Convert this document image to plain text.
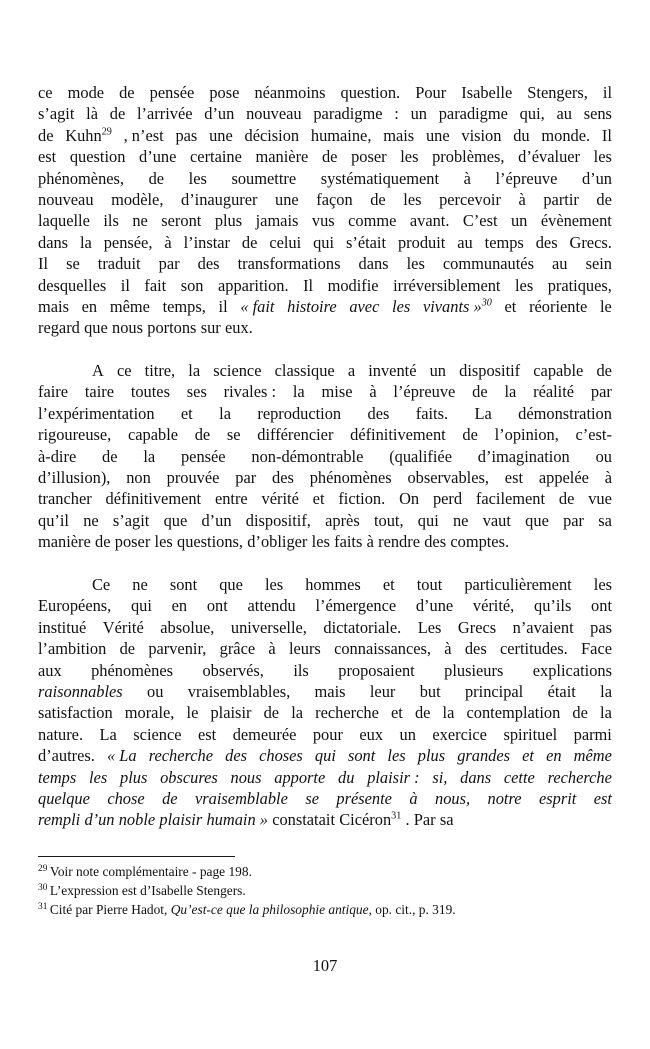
ce mode de pensée pose néanmoins question. Pour Isabelle Stengers, il
s’agit là de l’arrivée d’un nouveau paradigme : un paradigme qui, au sens
de Kuhn$^{29}$ , n’est pas une décision humaine, mais une vision du monde. Il
est question d’une certaine manière de poser les problèmes, d’évaluer les
phénomènes, de les soumettre systématiquement à l’épreuve d’un
nouveau modèle, d’inaugurer une façon de les percevoir à partir de
laquelle ils ne seront plus jamais vus comme avant. C’est un évènement
dans la pensée, à l’instar de celui qui s’était produit au temps des Grecs.
Il se traduit par des transformations dans les communautés au sein
desquelles il fait son apparition. Il modifie irréversiblement les pratiques,
mais en même temps, il « fait histoire avec les vivants »$^{30}$ et réoriente le
regard que nous portons sur eux.
A ce titre, la science classique a inventé un dispositif capable de
faire taire toutes ses rivales : la mise à l’épreuve de la réalité par
l’expérimentation et la reproduction des faits. La démonstration
rigoureuse, capable de se différencier définitivement de l’opinion, c’est-
à-dire de la pensée non-démontrable (qualifiée d’imagination ou
d’illusion), non prouvée par des phénomènes observables, est appelée à
trancher définitivement entre vérité et fiction. On perd facilement de vue
qu’il ne s’agit que d’un dispositif, après tout, qui ne vaut que par sa
manière de poser les questions, d’obliger les faits à rendre des comptes.
Ce ne sont que les hommes et tout particulièrement les
Européens, qui en ont attendu l’émergence d’une vérité, qu’ils ont
institué Vérité absolue, universelle, dictatoriale. Les Grecs n’avaient pas
l’ambition de parvenir, grâce à leurs connaissances, à des certitudes. Face
aux phénomènes observés, ils proposaient plusieurs explications
raisonnables ou vraisemblables, mais leur but principal était la
satisfaction morale, le plaisir de la recherche et de la contemplation de la
nature. La science est demeurée pour eux un exercice spirituel parmi
d’autres. « La recherche des choses qui sont les plus grandes et en même
temps les plus obscures nous apporte du plaisir : si, dans cette recherche
quelque chose de vraisemblable se présente à nous, notre esprit est
rempli d’un noble plaisir humain » constatait Cicéron$^{31}$ . Par sa
$^{29}$ Voir note complémentaire - page 198.
$^{30}$ L’expression est d’Isabelle Stengers.
$^{31}$ Cité par Pierre Hadot, Qu’est-ce que la philosophie antique, op. cit., p. 319.
107
